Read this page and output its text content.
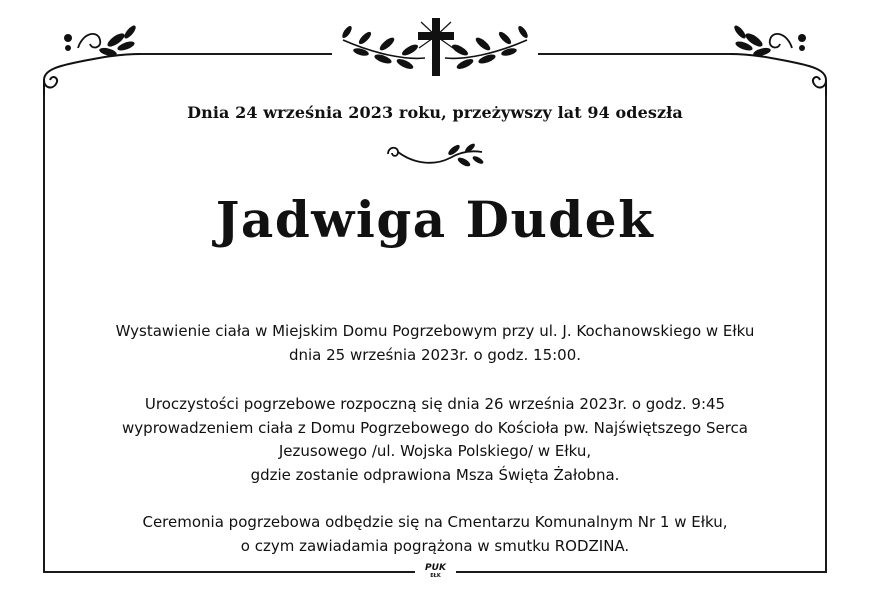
Dnia 24 września 2023 roku, przeżywszy lat 94 odeszła
Jadwiga Dudek
Wystawienie ciała w Miejskim Domu Pogrzebowym przy ul. J. Kochanowskiego w Ełku
dnia 25 września 2023r. o godz. 15:00.
Uroczystości pogrzebowe rozpoczną się dnia 26 września 2023r. o godz. 9:45
wyprowadzeniem ciała z Domu Pogrzebowego do Kościoła pw. Najświętszego Serca
Jezusowego /ul. Wojska Polskiego/ w Ełku,
gdzie zostanie odprawiona Msza Święta Żałobna.
Ceremonia pogrzebowa odbędzie się na Cmentarzu Komunalnym Nr 1 w Ełku,
o czym zawiadamia pogrążona w smutku RODZINA.
PUK
EŁK
